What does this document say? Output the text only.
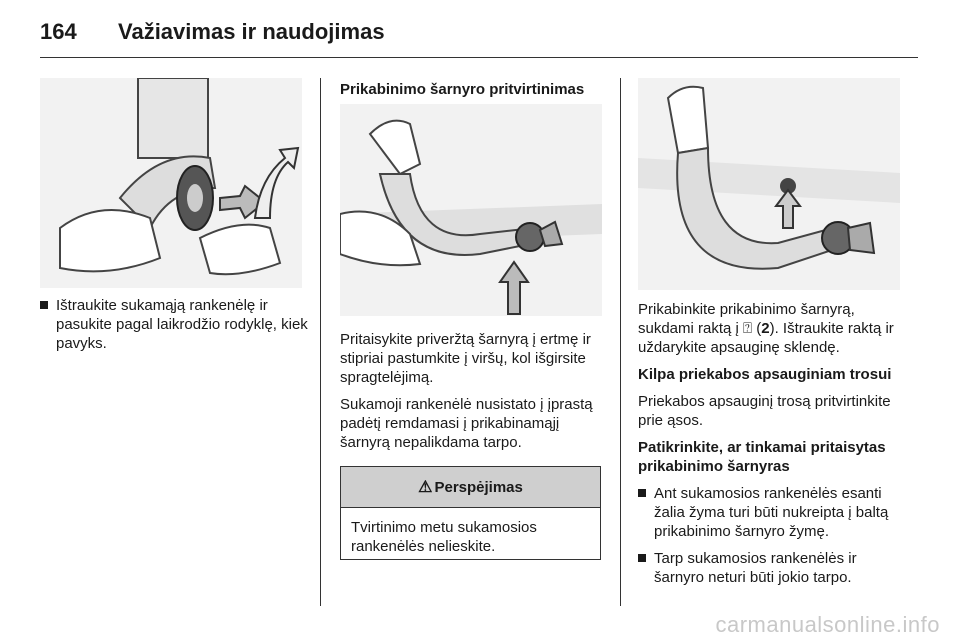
164	Važiavimas ir naudojimas
Ištraukite sukamąją rankenėlę ir pasukite pagal laikrodžio rodyklę, kiek pavyks.

Prikabinimo šarnyro pritvirtinimas

Pritaisykite priveržtą šarnyrą į ertmę ir stipriai pastumkite į viršų, kol išgirsite spragtelėjimą.

Sukamoji rankenėlė nusistato į įprastą padėtį remdamasi į prikabinamąjį šarnyrą nepalikdama tarpo.

⚠ Perspėjimas
Tvirtinimo metu sukamosios rankenėlės nelieskite.

Prikabinkite prikabinimo šarnyrą, sukdami raktą į ⍰ (2). Ištraukite raktą ir uždarykite apsauginę sklendę.

Kilpa priekabos apsauginiam trosui

Priekabos apsauginį trosą pritvirtinkite prie ąsos.

Patikrinkite, ar tinkamai pritaisytas prikabinimo šarnyras

Ant sukamosios rankenėlės esanti žalia žyma turi būti nukreipta į baltą prikabinimo šarnyro žymę.
Tarp sukamosios rankenėlės ir šarnyro neturi būti jokio tarpo.
carmanualsonline.info
